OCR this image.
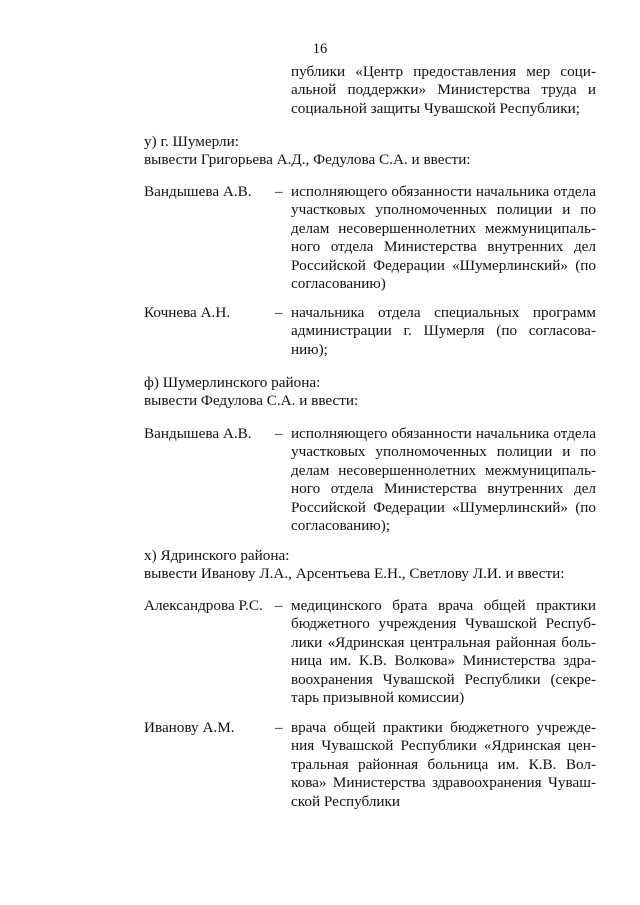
16
публики «Центр предоставления мер социальной поддержки» Министерства труда и социальной защиты Чувашской Республики;
у) г. Шумерли:
вывести Григорьева А.Д., Федулова С.А. и ввести:
Вандышева А.В. – исполняющего обязанности начальника отдела участковых уполномоченных полиции и по делам несовершеннолетних межмуниципального отдела Министерства внутренних дел Российской Федерации «Шумерлинский» (по согласованию)
Кочнева А.Н.	– начальника отдела специальных программ администрации г. Шумерля (по согласованию);
ф) Шумерлинского района:
вывести Федулова С.А. и ввести:
Вандышева А.В. – исполняющего обязанности начальника отдела участковых уполномоченных полиции и по делам несовершеннолетних межмуниципального отдела Министерства внутренних дел Российской Федерации «Шумерлинский» (по согласованию);
х) Ядринского района:
вывести Иванову Л.А., Арсентьева Е.Н., Светлову Л.И. и ввести:
Александрова Р.С. – медицинского брата врача общей практики бюджетного учреждения Чувашской Республики «Ядринская центральная районная больница им. К.В. Волкова» Министерства здравоохранения Чувашской Республики (секретарь призывной комиссии)
Иванову А.М.	– врача общей практики бюджетного учреждения Чувашской Республики «Ядринская центральная районная больница им. К.В. Волкова» Министерства здравоохранения Чувашской Республики
